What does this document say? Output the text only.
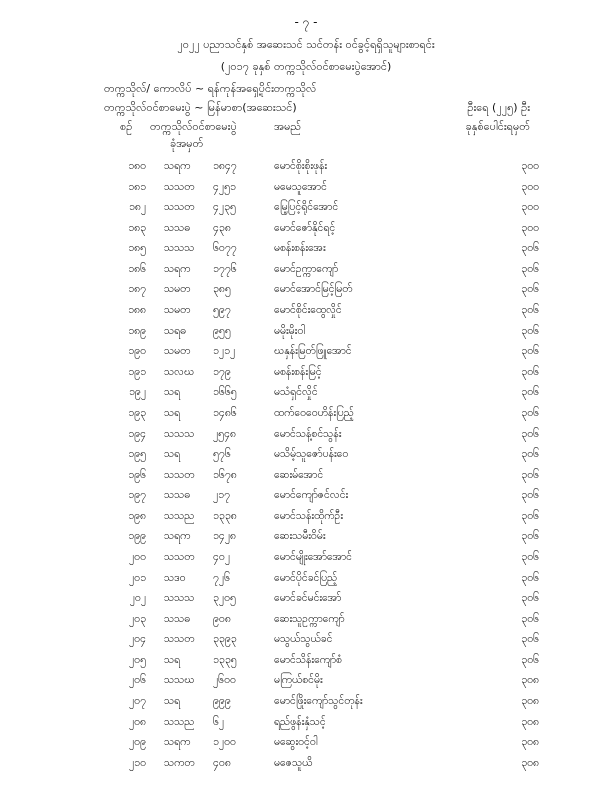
- ၇ -
၂၀၂၂ ပညာသင်နှစ် အဆေးသင် သင်တန်း ဝင်ခွင့်ရရှိသူများစာရင်း
(၂၀၁၇ ခုနှစ် တက္ကသိုလ်ဝင်စာမေးပွဲအောင်)
တက္ကသိုလ်/ ကောလိပ် ~ ရန်ကုန်အရှေ့ပိုင်းတက္ကသိုလ်
တက္ကသိုလ်ဝင်စာမေးပွဲ ~ မြန်မာစာ(အဆေးသင်)	ဦးရေ (၂၂၅) ဦး
စဉ် တက္ကသိုလ်ဝင်စာမေးပွဲ
ခုံအမှတ်
အမည်	ခုနှစ်ပေါင်းရမှတ်
၁၈၀ သရက ၁၈၄၇	မောင်စိုးစိုးဖုန်း	၃၀၀
၁၈၁ သသတ ၄၂၅၁	မမေသူအောင်	၃၀၀
၁၈၂ သသတ ၄၂၃၅	မြေ့ပြင့်ရိုင်အောင်	၃၀၀
၁၈၃ သသဓ ၄၃၈	မောင်ဇော်နိုင်ရင့်	၃၀၀
၁၈၅ သသသ ၆၀၇၇	မစန်းစန်းအေး	၃၀၆
၁၈၆ သရက ၁၇၇၆	မောင်ဥက္ကာကျော်	၃၀၆
၁၈၇ သမတ ၃၈၅	မောင်အောင်မြင့်မြတ်	၃၀၆
၁၈၈ သမတ ၅၉၇	မောင်စိုင်းထွေလှိုင်	၃၀၆
၁၈၉ သရဓ	၉၅၅	မမိုးမိုးဝါ	၃၀၆
၁၉၀ သမတ ၁၂၁၂	ဃနှန်းမြတ်ဖြူအောင်	၃၀၆
၁၉၁ သလဃ ၁၇၉	မစန်းစန်းမြင့်	၃၀၆
၁၉၂ သရ	၁၆၆၅	မသံရှင်လှိုင်	၃၀၆
၁၉၃ သရ	၁၄၈၆	ထက်ဝေဝေဟိန်းပြည့်	၃၀၆
၁၉၄ သသသ ၂၅၄၈	မောင်သန့်စင်သွန်း	၃၀၆
၁၉၅ သရ	၅၇၆	မသိမ့်သူဇော်ပန်းဝေ	၃၀၆
၁၉၆ သသတ ၁၆၇၈	ဆေးမ်အောင်	၃၀၆
၁၉၇ သသဓ ၂၁၇	မောင်ကျော်ဇင်လင်း	၃၀၆
၁၉၈ သသည ၁၃၃၈	မောင်သန်းထိုက်ဦး	၃၀၆
၁၉၉ သရက ၁၄၂၈	ဆေးသမီးဝိမ်း	၃၀၆
၂၀၀ သသတ ၄၀၂	မောင်မျိုးအော်အောင်	၃၀၆
၂၀၁ သဒ၀	၇၂၆	မောင်ပိုင်ခင်ပြည့်	၃၀၆
၂၀၂ သသသ ၃၂၀၅	မောင်ခင်မင်းအော်	၃၀၆
၂၀၃ သသဓ ၉၀၈	ဆေးသူဥက္ကာကျော်	၃၀၆
၂၀၄ သသတ ၃၃၉၃	မသွယ်သွယ်ခင်	၃၀၆
၂၀၅ သရ	၁၃၃၅	မောင်သိန်းကျော်စံ	၃၀၆
၂၀၆ သသဃ ၂၆၀၀	မကြယ်စင်မိုး	၃၀၈
၂၀၇ သရ	၉၉၉	မောင်ဖြိုးကျော်သွင်တုန်း	၃၀၈
၂၀၈ သသည ၆၂	ရည်ဖွန်းနှံသင့်	၃၀၈
၂၀၉ သရက ၁၂၀၀	မဆွေးဝင့်ဝါ	၃၀၈
၂၁၀ သကတ ၄၀၈	မဇေသူယိ	၃၀၈
